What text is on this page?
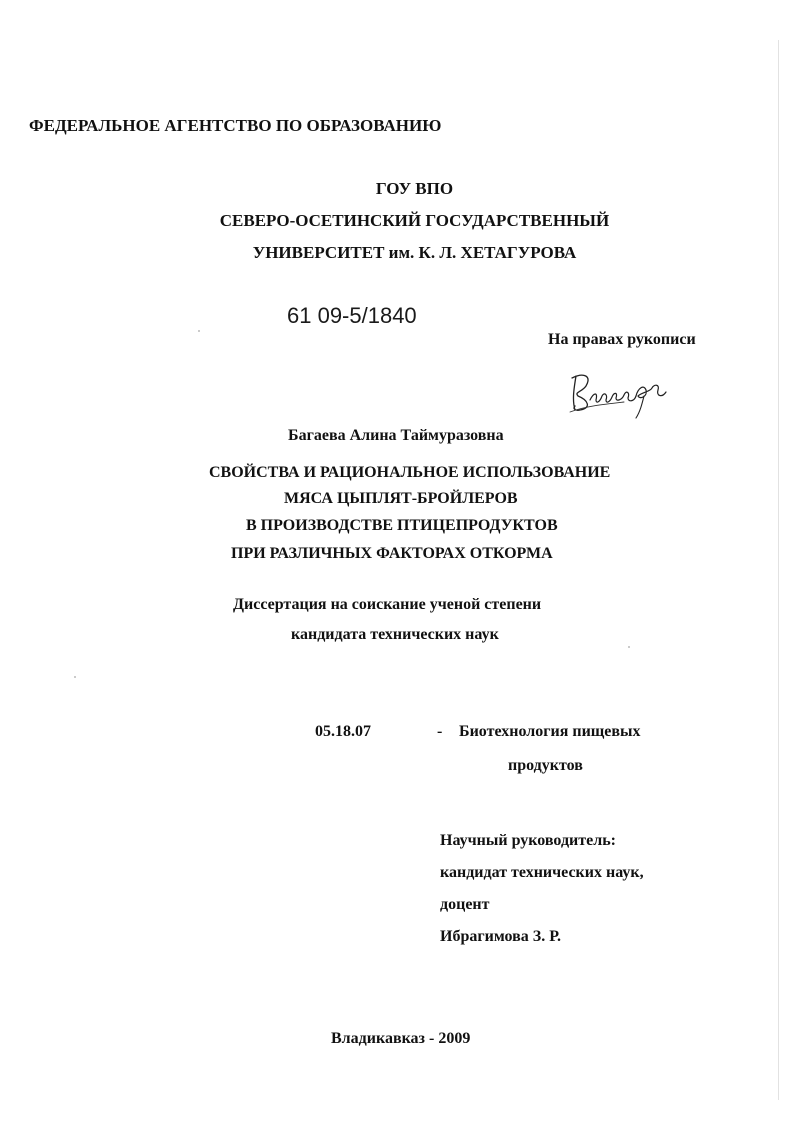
ФЕДЕРАЛЬНОЕ АГЕНТСТВО ПО ОБРАЗОВАНИЮ
ГОУ ВПО
СЕВЕРО-ОСЕТИНСКИЙ ГОСУДАРСТВЕННЫЙ
УНИВЕРСИТЕТ им. К. Л. ХЕТАГУРОВА
61 09-5/1840
На правах рукописи
Багаева Алина Таймуразовна
СВОЙСТВА И РАЦИОНАЛЬНОЕ ИСПОЛЬЗОВАНИЕ
МЯСА ЦЫПЛЯТ-БРОЙЛЕРОВ
В ПРОИЗВОДСТВЕ ПТИЦЕПРОДУКТОВ
ПРИ РАЗЛИЧНЫХ ФАКТОРАХ ОТКОРМА
Диссертация на соискание ученой степени
кандидата технических наук
05.18.07	- Биотехнология пищевых
продуктов
Научный руководитель:
кандидат технических наук,
доцент
Ибрагимова З. Р.
Владикавказ - 2009
